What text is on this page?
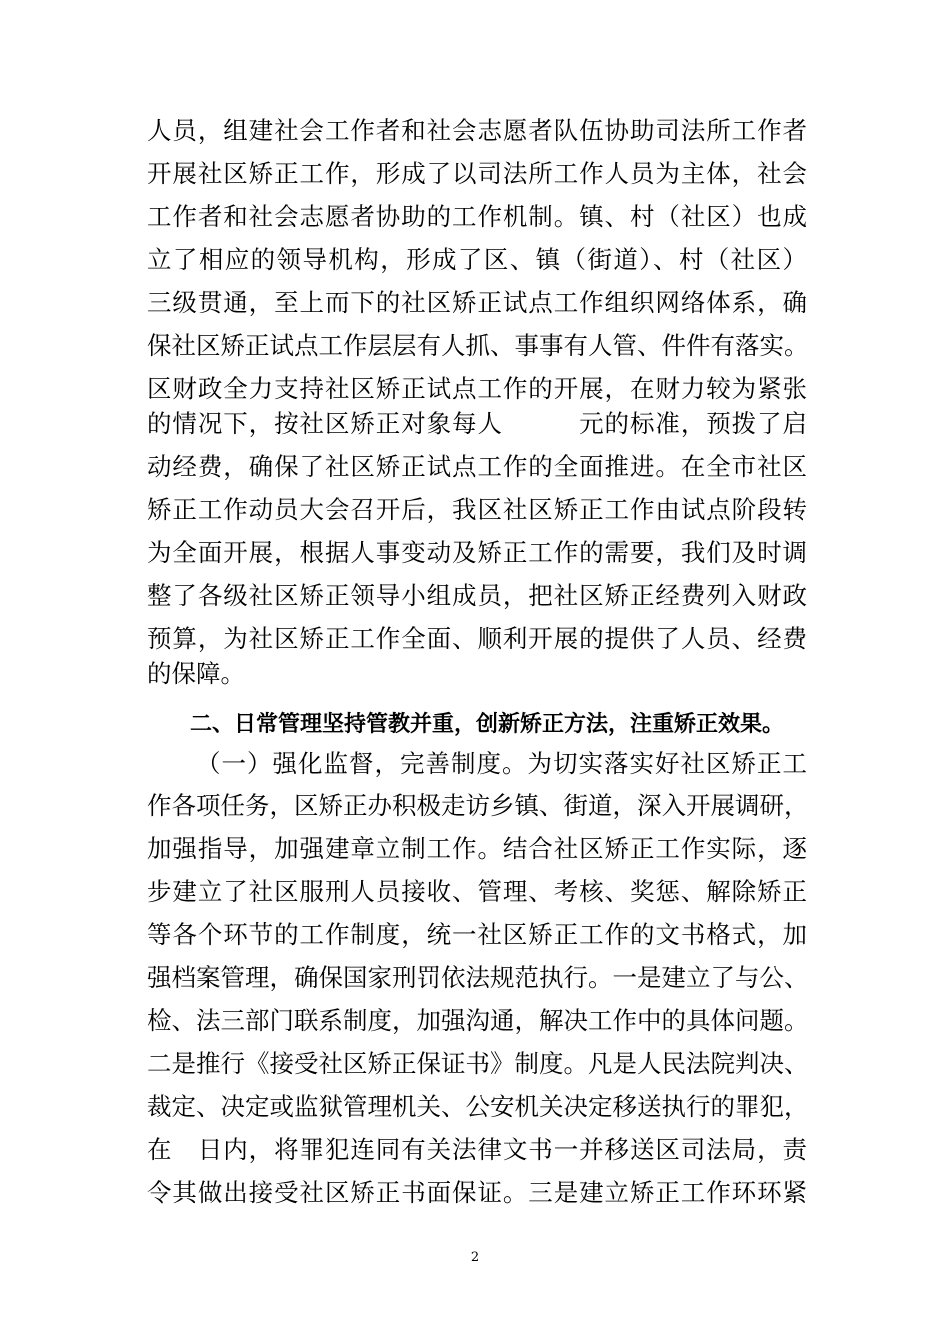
人员，组建社会工作者和社会志愿者队伍协助司法所工作者
开展社区矫正工作，形成了以司法所工作人员为主体，社会
工作者和社会志愿者协助的工作机制。镇、村（社区）也成
立了相应的领导机构，形成了区、镇（街道）、村（社区）
三级贯通，至上而下的社区矫正试点工作组织网络体系，确
保社区矫正试点工作层层有人抓、事事有人管、件件有落实。
区财政全力支持社区矫正试点工作的开展，在财力较为紧张
的情况下，按社区矫正对象每人　　　元的标准，预拨了启
动经费，确保了社区矫正试点工作的全面推进。在全市社区
矫正工作动员大会召开后，我区社区矫正工作由试点阶段转
为全面开展，根据人事变动及矫正工作的需要，我们及时调
整了各级社区矫正领导小组成员，把社区矫正经费列入财政
预算，为社区矫正工作全面、顺利开展的提供了人员、经费
的保障。
二、日常管理坚持管教并重，创新矫正方法，注重矫正效果。
（一）强化监督，完善制度。为切实落实好社区矫正工
作各项任务，区矫正办积极走访乡镇、街道，深入开展调研，
加强指导，加强建章立制工作。结合社区矫正工作实际，逐
步建立了社区服刑人员接收、管理、考核、奖惩、解除矫正
等各个环节的工作制度，统一社区矫正工作的文书格式，加
强档案管理，确保国家刑罚依法规范执行。一是建立了与公、
检、法三部门联系制度，加强沟通，解决工作中的具体问题。
二是推行《接受社区矫正保证书》制度。凡是人民法院判决、
裁定、决定或监狱管理机关、公安机关决定移送执行的罪犯，
在　日内，将罪犯连同有关法律文书一并移送区司法局，责
令其做出接受社区矫正书面保证。三是建立矫正工作环环紧
2
